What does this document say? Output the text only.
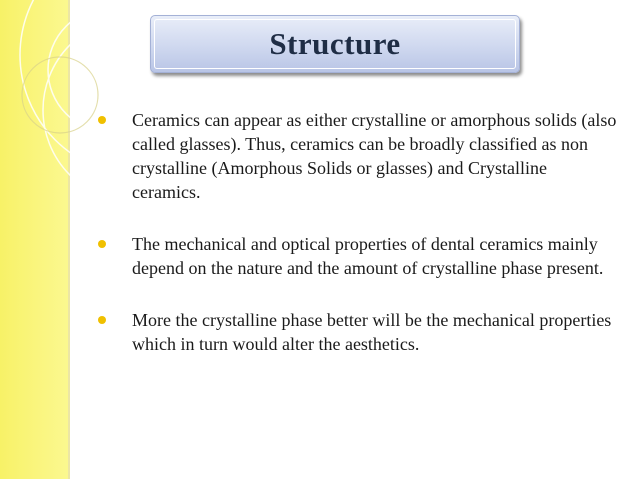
Structure
Ceramics can appear as either crystalline or amorphous solids (also called glasses). Thus, ceramics can be broadly classified as non crystalline (Amorphous Solids or glasses) and Crystalline ceramics.
The mechanical and optical properties of dental ceramics mainly depend on the nature and the amount of crystalline phase present.
More the crystalline phase better will be the mechanical properties which in turn would alter the aesthetics.
